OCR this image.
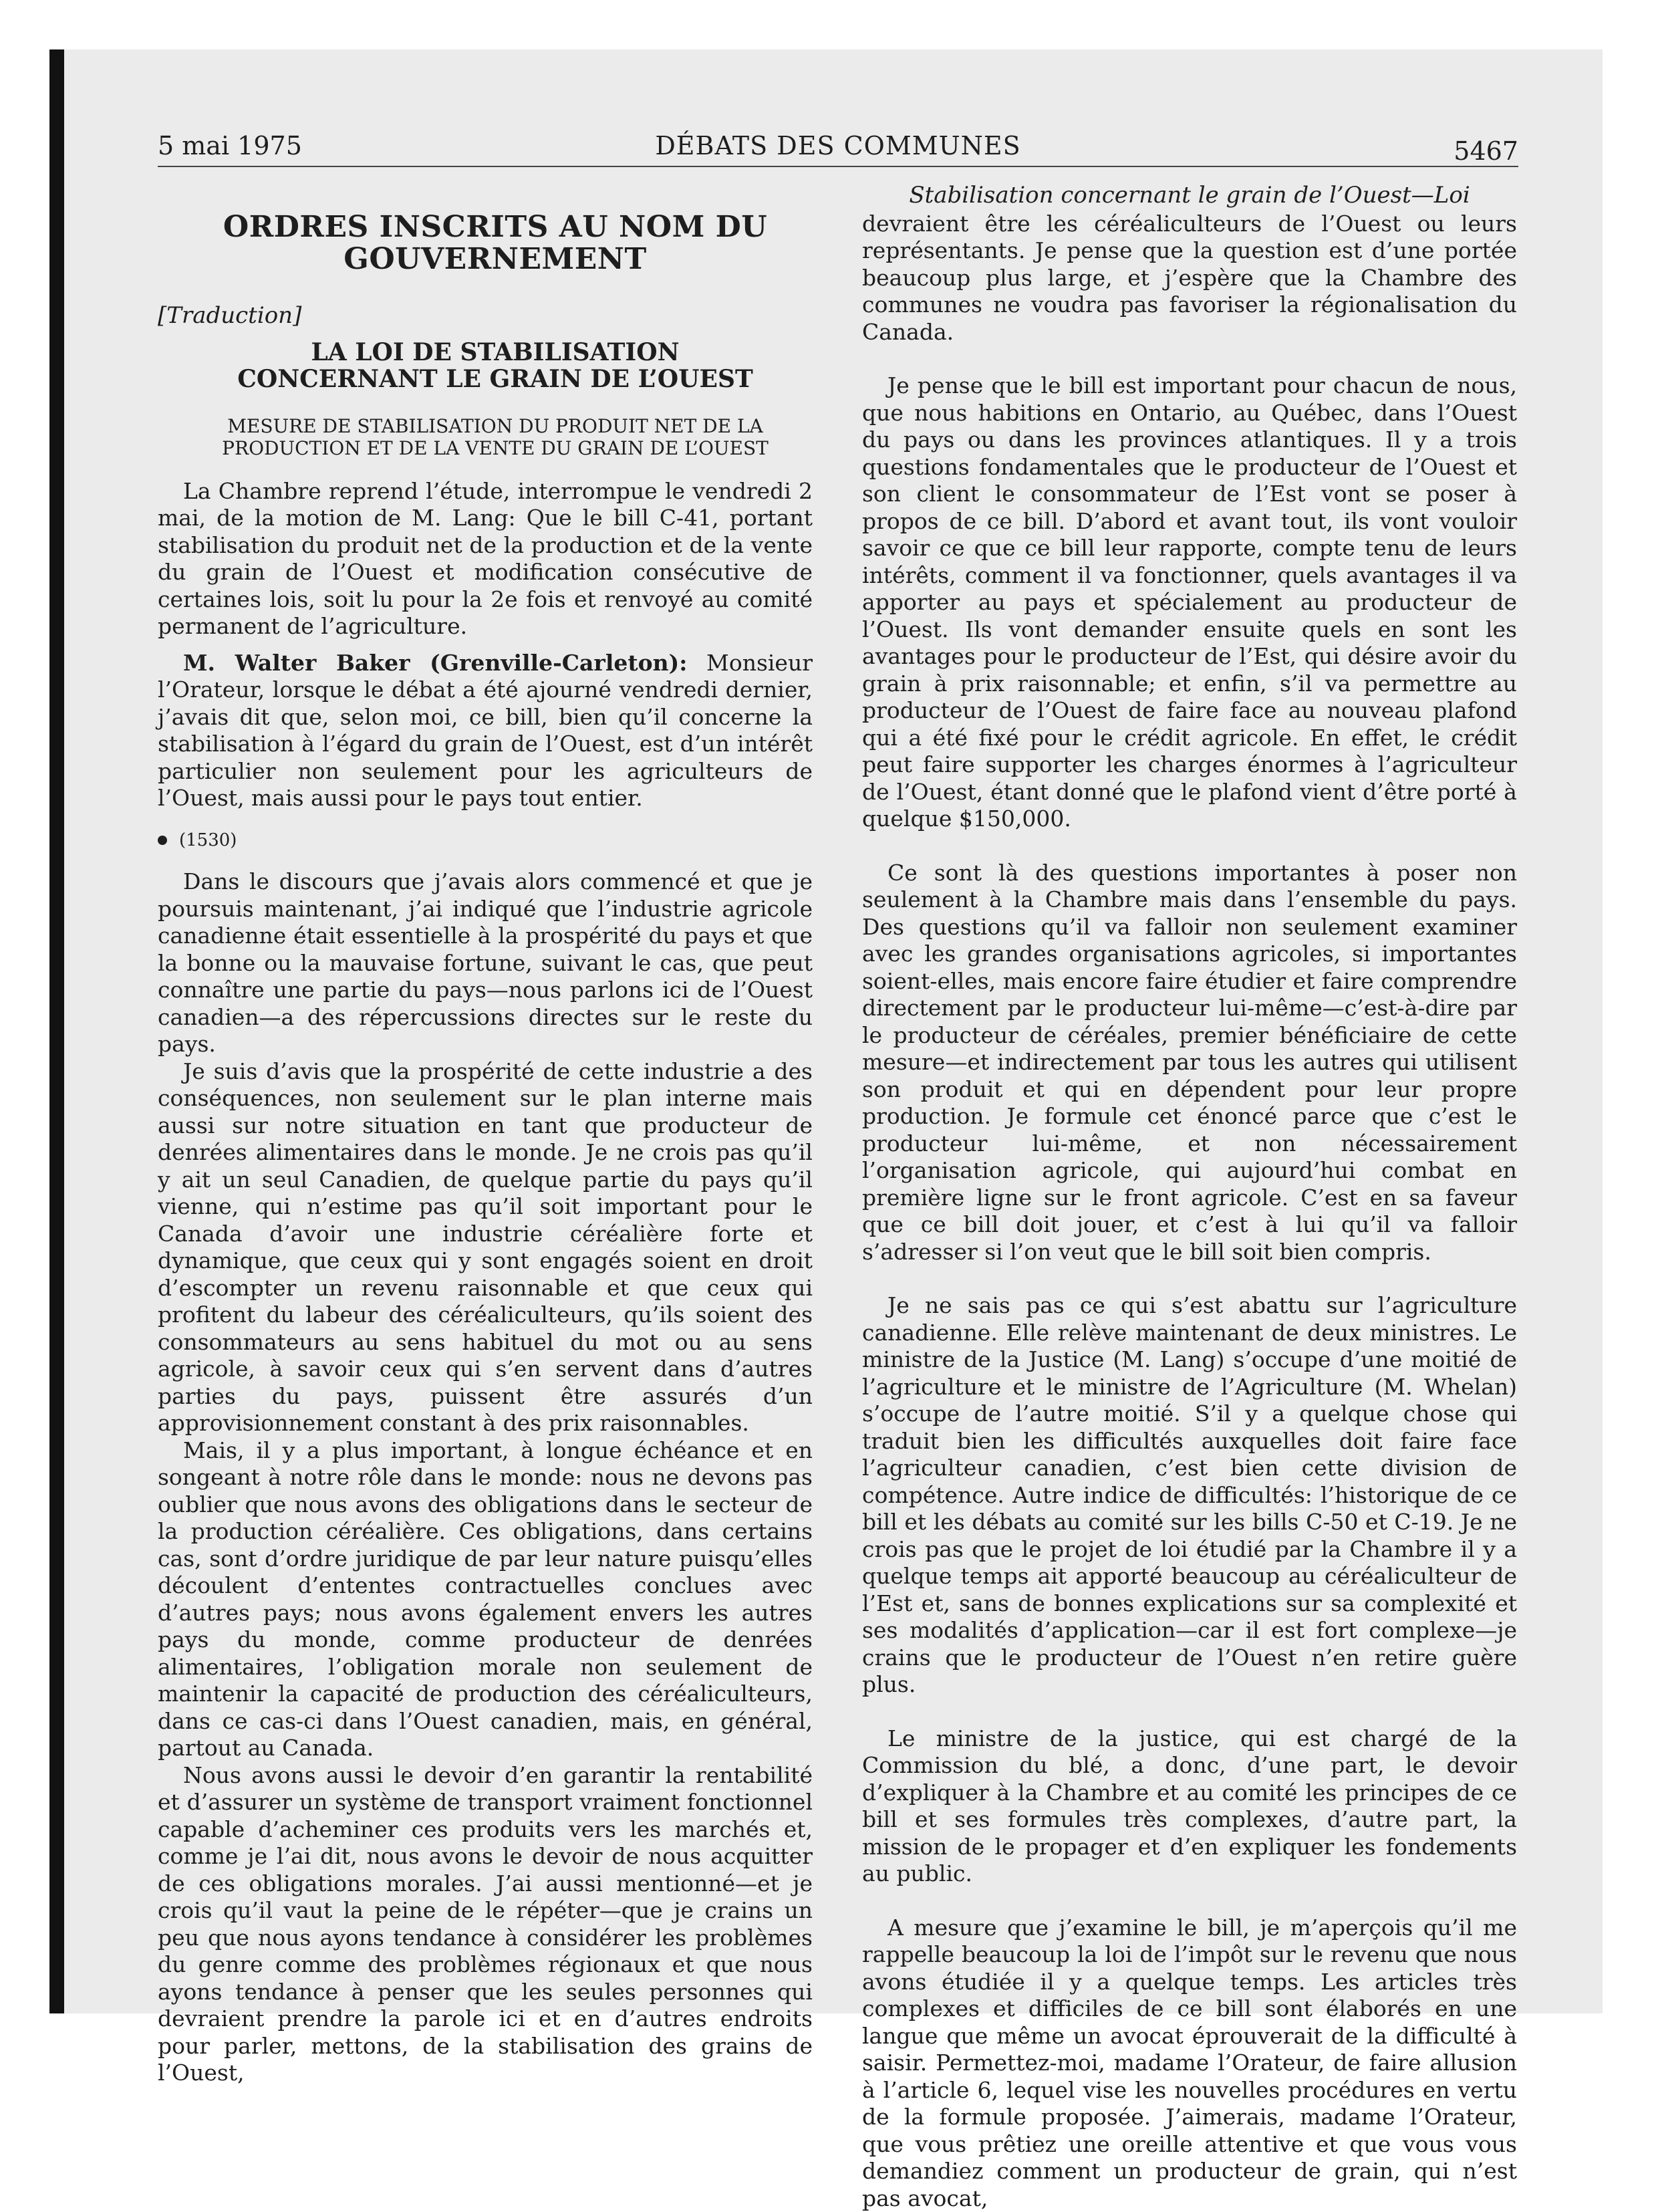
5 mai 1975	DÉBATS DES COMMUNES	5467
ORDRES INSCRITS AU NOM DU GOUVERNEMENT
[Traduction]
LA LOI DE STABILISATION CONCERNANT LE GRAIN DE L’OUEST
MESURE DE STABILISATION DU PRODUIT NET DE LA PRODUCTION ET DE LA VENTE DU GRAIN DE L’OUEST

La Chambre reprend l’étude, interrompue le vendredi 2 mai, de la motion de M. Lang: Que le bill C-41, portant stabilisation du produit net de la production et de la vente du grain de l’Ouest et modification consécutive de certaines lois, soit lu pour la 2e fois et renvoyé au comité permanent de l’agriculture.

M. Walter Baker (Grenville-Carleton): Monsieur l’Orateur, lorsque le débat a été ajourné vendredi dernier, j’avais dit que, selon moi, ce bill, bien qu’il concerne la stabilisation à l’égard du grain de l’Ouest, est d’un intérêt particulier non seulement pour les agriculteurs de l’Ouest, mais aussi pour le pays tout entier.

(1530)

Dans le discours que j’avais alors commencé et que je poursuis maintenant, j’ai indiqué que l’industrie agricole canadienne était essentielle à la prospérité du pays et que la bonne ou la mauvaise fortune, suivant le cas, que peut connaître une partie du pays—nous parlons ici de l’Ouest canadien—a des répercussions directes sur le reste du pays.

Je suis d’avis que la prospérité de cette industrie a des conséquences, non seulement sur le plan interne mais aussi sur notre situation en tant que producteur de denrées alimentaires dans le monde. Je ne crois pas qu’il y ait un seul Canadien, de quelque partie du pays qu’il vienne, qui n’estime pas qu’il soit important pour le Canada d’avoir une industrie céréalière forte et dynamique, que ceux qui y sont engagés soient en droit d’escompter un revenu raisonnable et que ceux qui profitent du labeur des céréaliculteurs, qu’ils soient des consommateurs au sens habituel du mot ou au sens agricole, à savoir ceux qui s’en servent dans d’autres parties du pays, puissent être assurés d’un approvisionnement constant à des prix raisonnables.

Mais, il y a plus important, à longue échéance et en songeant à notre rôle dans le monde: nous ne devons pas oublier que nous avons des obligations dans le secteur de la production céréalière. Ces obligations, dans certains cas, sont d’ordre juridique de par leur nature puisqu’elles découlent d’ententes contractuelles conclues avec d’autres pays; nous avons également envers les autres pays du monde, comme producteur de denrées alimentaires, l’obligation morale non seulement de maintenir la capacité de production des céréaliculteurs, dans ce cas-ci dans l’Ouest canadien, mais, en général, partout au Canada.

Nous avons aussi le devoir d’en garantir la rentabilité et d’assurer un système de transport vraiment fonctionnel capable d’acheminer ces produits vers les marchés et, comme je l’ai dit, nous avons le devoir de nous acquitter de ces obligations morales. J’ai aussi mentionné—et je crois qu’il vaut la peine de le répéter—que je crains un peu que nous ayons tendance à considérer les problèmes du genre comme des problèmes régionaux et que nous ayons tendance à penser que les seules personnes qui devraient prendre la parole ici et en d’autres endroits pour parler, mettons, de la stabilisation des grains de l’Ouest,

Stabilisation concernant le grain de l’Ouest—Loi

devraient être les céréaliculteurs de l’Ouest ou leurs représentants. Je pense que la question est d’une portée beaucoup plus large, et j’espère que la Chambre des communes ne voudra pas favoriser la régionalisation du Canada.

Je pense que le bill est important pour chacun de nous, que nous habitions en Ontario, au Québec, dans l’Ouest du pays ou dans les provinces atlantiques. Il y a trois questions fondamentales que le producteur de l’Ouest et son client le consommateur de l’Est vont se poser à propos de ce bill. D’abord et avant tout, ils vont vouloir savoir ce que ce bill leur rapporte, compte tenu de leurs intérêts, comment il va fonctionner, quels avantages il va apporter au pays et spécialement au producteur de l’Ouest. Ils vont demander ensuite quels en sont les avantages pour le producteur de l’Est, qui désire avoir du grain à prix raisonnable; et enfin, s’il va permettre au producteur de l’Ouest de faire face au nouveau plafond qui a été fixé pour le crédit agricole. En effet, le crédit peut faire supporter les charges énormes à l’agriculteur de l’Ouest, étant donné que le plafond vient d’être porté à quelque $150,000.

Ce sont là des questions importantes à poser non seulement à la Chambre mais dans l’ensemble du pays. Des questions qu’il va falloir non seulement examiner avec les grandes organisations agricoles, si importantes soient-elles, mais encore faire étudier et faire comprendre directement par le producteur lui-même—c’est-à-dire par le producteur de céréales, premier bénéficiaire de cette mesure—et indirectement par tous les autres qui utilisent son produit et qui en dépendent pour leur propre production. Je formule cet énoncé parce que c’est le producteur lui-même, et non nécessairement l’organisation agricole, qui aujourd’hui combat en première ligne sur le front agricole. C’est en sa faveur que ce bill doit jouer, et c’est à lui qu’il va falloir s’adresser si l’on veut que le bill soit bien compris.

Je ne sais pas ce qui s’est abattu sur l’agriculture canadienne. Elle relève maintenant de deux ministres. Le ministre de la Justice (M. Lang) s’occupe d’une moitié de l’agriculture et le ministre de l’Agriculture (M. Whelan) s’occupe de l’autre moitié. S’il y a quelque chose qui traduit bien les difficultés auxquelles doit faire face l’agriculteur canadien, c’est bien cette division de compétence. Autre indice de difficultés: l’historique de ce bill et les débats au comité sur les bills C-50 et C-19. Je ne crois pas que le projet de loi étudié par la Chambre il y a quelque temps ait apporté beaucoup au céréaliculteur de l’Est et, sans de bonnes explications sur sa complexité et ses modalités d’application—car il est fort complexe—je crains que le producteur de l’Ouest n’en retire guère plus.

Le ministre de la justice, qui est chargé de la Commission du blé, a donc, d’une part, le devoir d’expliquer à la Chambre et au comité les principes de ce bill et ses formules très complexes, d’autre part, la mission de le propager et d’en expliquer les fondements au public.

A mesure que j’examine le bill, je m’aperçois qu’il me rappelle beaucoup la loi de l’impôt sur le revenu que nous avons étudiée il y a quelque temps. Les articles très complexes et difficiles de ce bill sont élaborés en une langue que même un avocat éprouverait de la difficulté à saisir. Permettez-moi, madame l’Orateur, de faire allusion à l’article 6, lequel vise les nouvelles procédures en vertu de la formule proposée. J’aimerais, madame l’Orateur, que vous prêtiez une oreille attentive et que vous vous demandiez comment un producteur de grain, qui n’est pas avocat,
